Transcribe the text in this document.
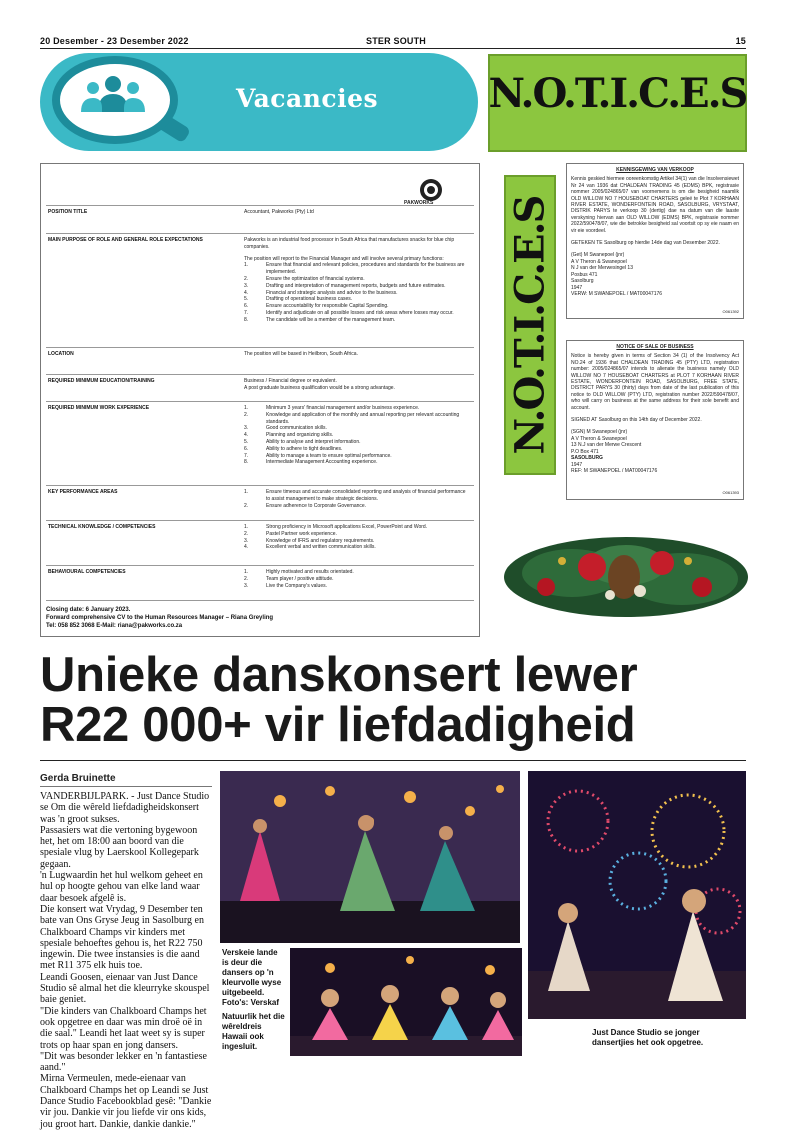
20 Desember - 23 Desember 2022	STER SOUTH	15
Vacancies	N.O.T.I.C.E.S
N.O.T.I.C.E.S
PAKWORKS
POSITION TITLE	Accountant, Pakworks (Pty) Ltd
MAIN PURPOSE OF ROLE AND GENERAL ROLE EXPECTATIONS	Pakworks is an industrial food processor in South Africa that manufactures snacks for blue chip companies.
The position will report to the Financial Manager and will involve several primary functions:
1.	Ensure that financial and relevant policies, procedures and standards for the business are implemented.
2.	Ensure the optimization of financial systems.
3.	Drafting and interpretation of management reports, budgets and future estimates.
4.	Financial and strategic analysis and advice to the business.
5.	Drafting of operational business cases.
6.	Ensure accountability for responsible Capital Spending.
7.	Identify and adjudicate on all possible losses and risk areas where losses may occur.
8.	The candidate will be a member of the management team.
LOCATION	The position will be based in Heilbron, South Africa.
REQUIRED MINIMUM EDUCATION/TRAINING	Business / Financial degree or equivalent.
A post graduate business qualification would be a strong advantage.
REQUIRED MINIMUM WORK EXPERIENCE	1.	Minimum 3 years' financial management and/or business experience.
2.	Knowledge and application of the monthly and annual reporting per relevant accounting standards.
3.	Good communication skills.
4.	Planning and organizing skills.
5.	Ability to analyse and interpret information.
6.	Ability to adhere to tight deadlines.
7.	Ability to manage a team to ensure optimal performance.
8.	Intermediate Management Accounting experience.
KEY PERFORMANCE AREAS	1.	Ensure timeous and accurate consolidated reporting and analysis of financial performance to assist management to make strategic decisions.
2.	Ensure adherence to Corporate Governance.
TECHNICAL KNOWLEDGE / COMPETENCIES	1.	Strong proficiency in Microsoft applications Excel, PowerPoint and Word.
2.	Pastel Partner work experience.
3.	Knowledge of IFRS and regulatory requirements.
4.	Excellent verbal and written communication skills.
BEHAVIOURAL COMPETENCIES	1.	Highly motivated and results orientated.
2.	Team player / positive attitude.
3.	Live the Company's values.
Closing date: 6 January 2023.
Forward comprehensive CV to the Human Resources Manager – Riana Greyling
Tel: 058 852 3068 E-Mail: riana@pakworks.co.za
KENNISGEWING VAN VERKOOP
Kennis geskied hiermee ooreenkomstig Artikel 34(1) van die Insolvensiewet Nr 24 van 1936 dat CHALDEAN TRADING 45 (EDMS) BPK, registrasie nommer 2005/024865/07 van voornemens is om die besigheid naamlik OLD WILLOW NO 7 HOUSEBOAT CHARTERS geleë te Plot 7 KORHAAN RIVER ESTATE, WONDERFONTEIN ROAD, SASOLBURG, VRYSTAAT, DISTRIK PARYS te verkoop 30 (dertig) dae na datum van die laaste verskyning hiervan aan OLD WILLOW (EDMS) BPK, registrasie nommer 2022/590478/07, wie die betrokke besigheid sal voortsit op sy eie naam en vir eie voordeel.
GETEKEN TE Sasolburg op hierdie 14de dag van Desember 2022.
(Get) M Swanepoel (jnr)
A V Theron & Swanepoel
N J van der Merwesingel 13
Posbus 471
Sasolburg
1947
VERW: M SWANEPOEL / MAT00047176
O061392
NOTICE OF SALE OF BUSINESS
Notice is hereby given in terms of Section 34 (1) of the Insolvency Act NO.24 of 1936 that CHALDEAN TRADING 45 (PTY) LTD, registration number: 2005/024865/07 intends to alienate the business namely OLD WILLOW NO 7 HOUSEBOAT CHARTERS at PLOT 7 KORHAAN RIVER ESTATE, WONDERFONTEIN ROAD, SASOLBURG, FREE STATE, DISTRICT PARYS 30 (thirty) days from date of the last publication of this notice to OLD WILLOW (PTY) LTD, registration number 2022/590478/07, who will carry on business at the same address for their sole benefit and account.
SIGNED AT Sasolburg on this 14th day of December 2022.
(SGN) M Swanepoel (jnr)
A V Theron & Swanepoel
13 N.J van der Merwe Crescent
P.O Box 471
SASOLBURG
1947
REF: M SWANEPOEL / MAT00047176
O061393
Unieke danskonsert lewer
R22 000+ vir liefdadigheid
Gerda Bruinette

VANDERBIJLPARK. - Just Dance Studio se Om die wêreld liefdadigheidskonsert was 'n groot sukses.

Passasiers wat die vertoning bygewoon het, het om 18:00 aan boord van die spesiale vlug by Laerskool Kollegepark gegaan.

'n Lugwaardin het hul welkom geheet en hul op hoogte gehou van elke land waar daar besoek afgelê is.

Die konsert wat Vrydag, 9 Desember ten bate van Ons Gryse Jeug in Sasolburg en Chalkboard Champs vir kinders met spesiale behoeftes gehou is, het R22 750 ingewin. Die twee instansies is die aand met R11 375 elk huis toe.

Leandi Goosen, eienaar van Just Dance Studio sê almal het die kleurryke skouspel baie geniet.

"Die kinders van Chalkboard Champs het ook opgetree en daar was min droë oë in die saal." Leandi het laat weet sy is super trots op haar span en jong dansers.

"Dit was besonder lekker en 'n fantastiese aand."

Mirna Vermeulen, mede-eienaar van Chalkboard Champs het op Leandi se Just Dance Studio Facebookblad gesê: "Dankie vir jou. Dankie vir jou liefde vir ons kids, jou groot hart. Dankie, dankie dankie."

Verskeie lande is deur die dansers op 'n kleurvolle wyse uitgebeeld. Foto's: Verskaf
Natuurlik het die wêreldreis Hawaii ook ingesluit.
Just Dance Studio se jonger dansertjies het ook opgetree.
